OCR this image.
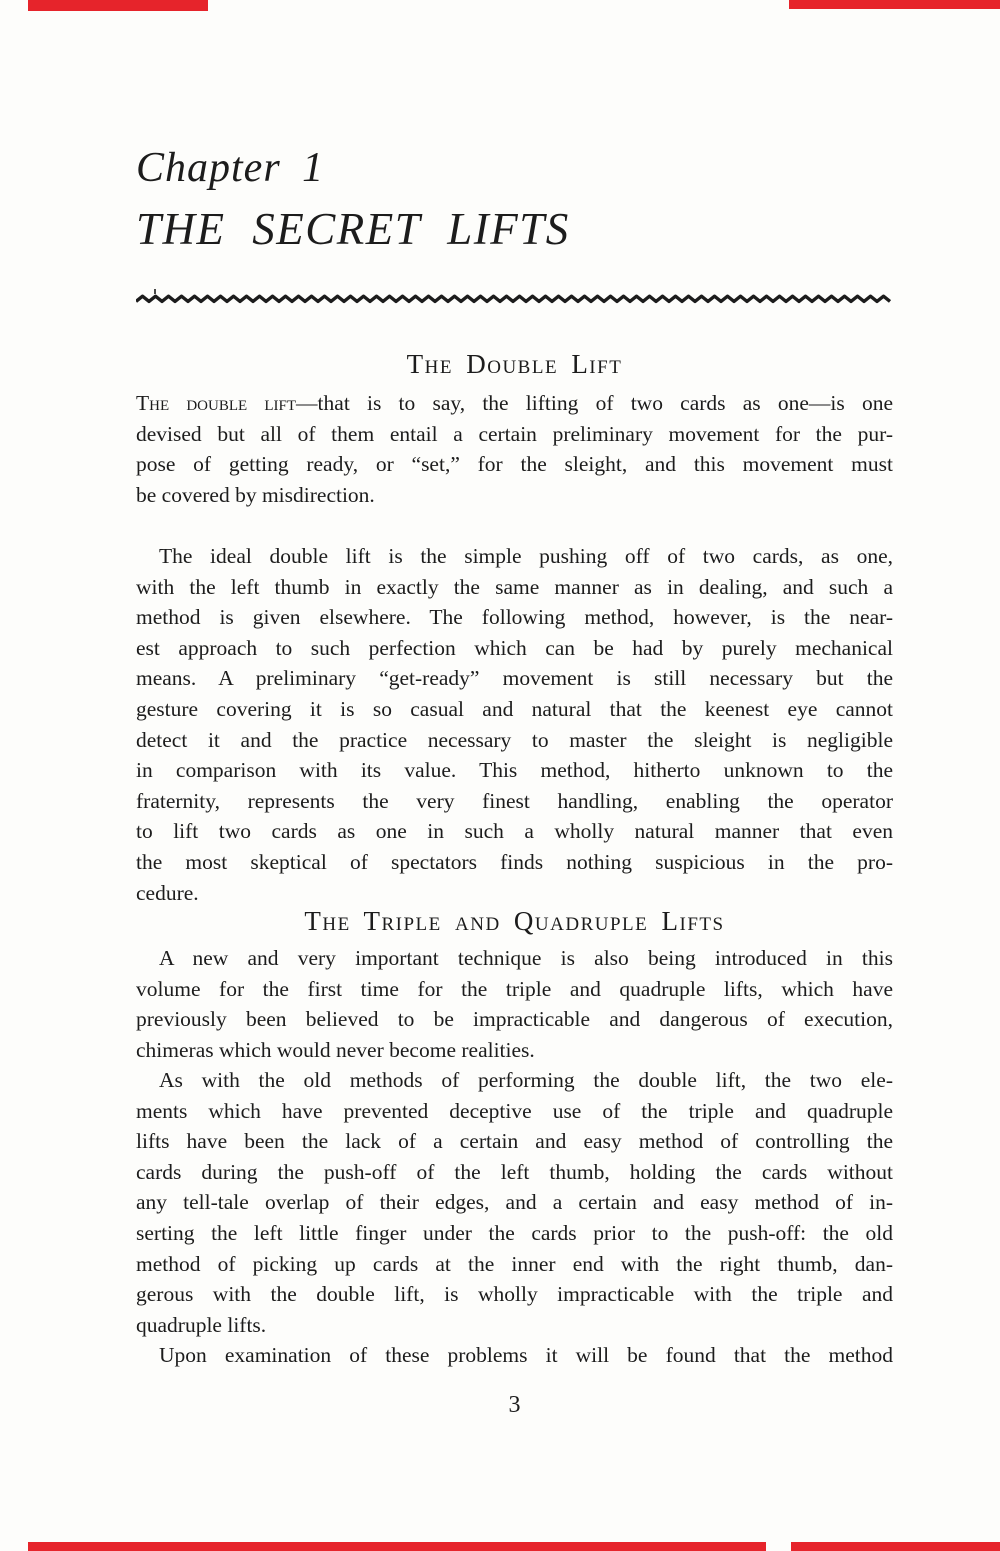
Chapter 1
THE SECRET LIFTS
The Double Lift
The double lift—that is to say, the lifting of two cards as one—is one
devised but all of them entail a certain preliminary movement for the pur-
pose of getting ready, or “set,” for the sleight, and this movement must
be covered by misdirection.
The ideal double lift is the simple pushing off of two cards, as one,
with the left thumb in exactly the same manner as in dealing, and such a
method is given elsewhere. The following method, however, is the near-
est approach to such perfection which can be had by purely mechanical
means. A preliminary “get-ready” movement is still necessary but the
gesture covering it is so casual and natural that the keenest eye cannot
detect it and the practice necessary to master the sleight is negligible
in comparison with its value. This method, hitherto unknown to the
fraternity, represents the very finest handling, enabling the operator
to lift two cards as one in such a wholly natural manner that even
the most skeptical of spectators finds nothing suspicious in the pro-
cedure.
The Triple and Quadruple Lifts
A new and very important technique is also being introduced in this
volume for the first time for the triple and quadruple lifts, which have
previously been believed to be impracticable and dangerous of execution,
chimeras which would never become realities.
As with the old methods of performing the double lift, the two ele-
ments which have prevented deceptive use of the triple and quadruple
lifts have been the lack of a certain and easy method of controlling the
cards during the push-off of the left thumb, holding the cards without
any tell-tale overlap of their edges, and a certain and easy method of in-
serting the left little finger under the cards prior to the push-off: the old
method of picking up cards at the inner end with the right thumb, dan-
gerous with the double lift, is wholly impracticable with the triple and
quadruple lifts.
Upon examination of these problems it will be found that the method
3
